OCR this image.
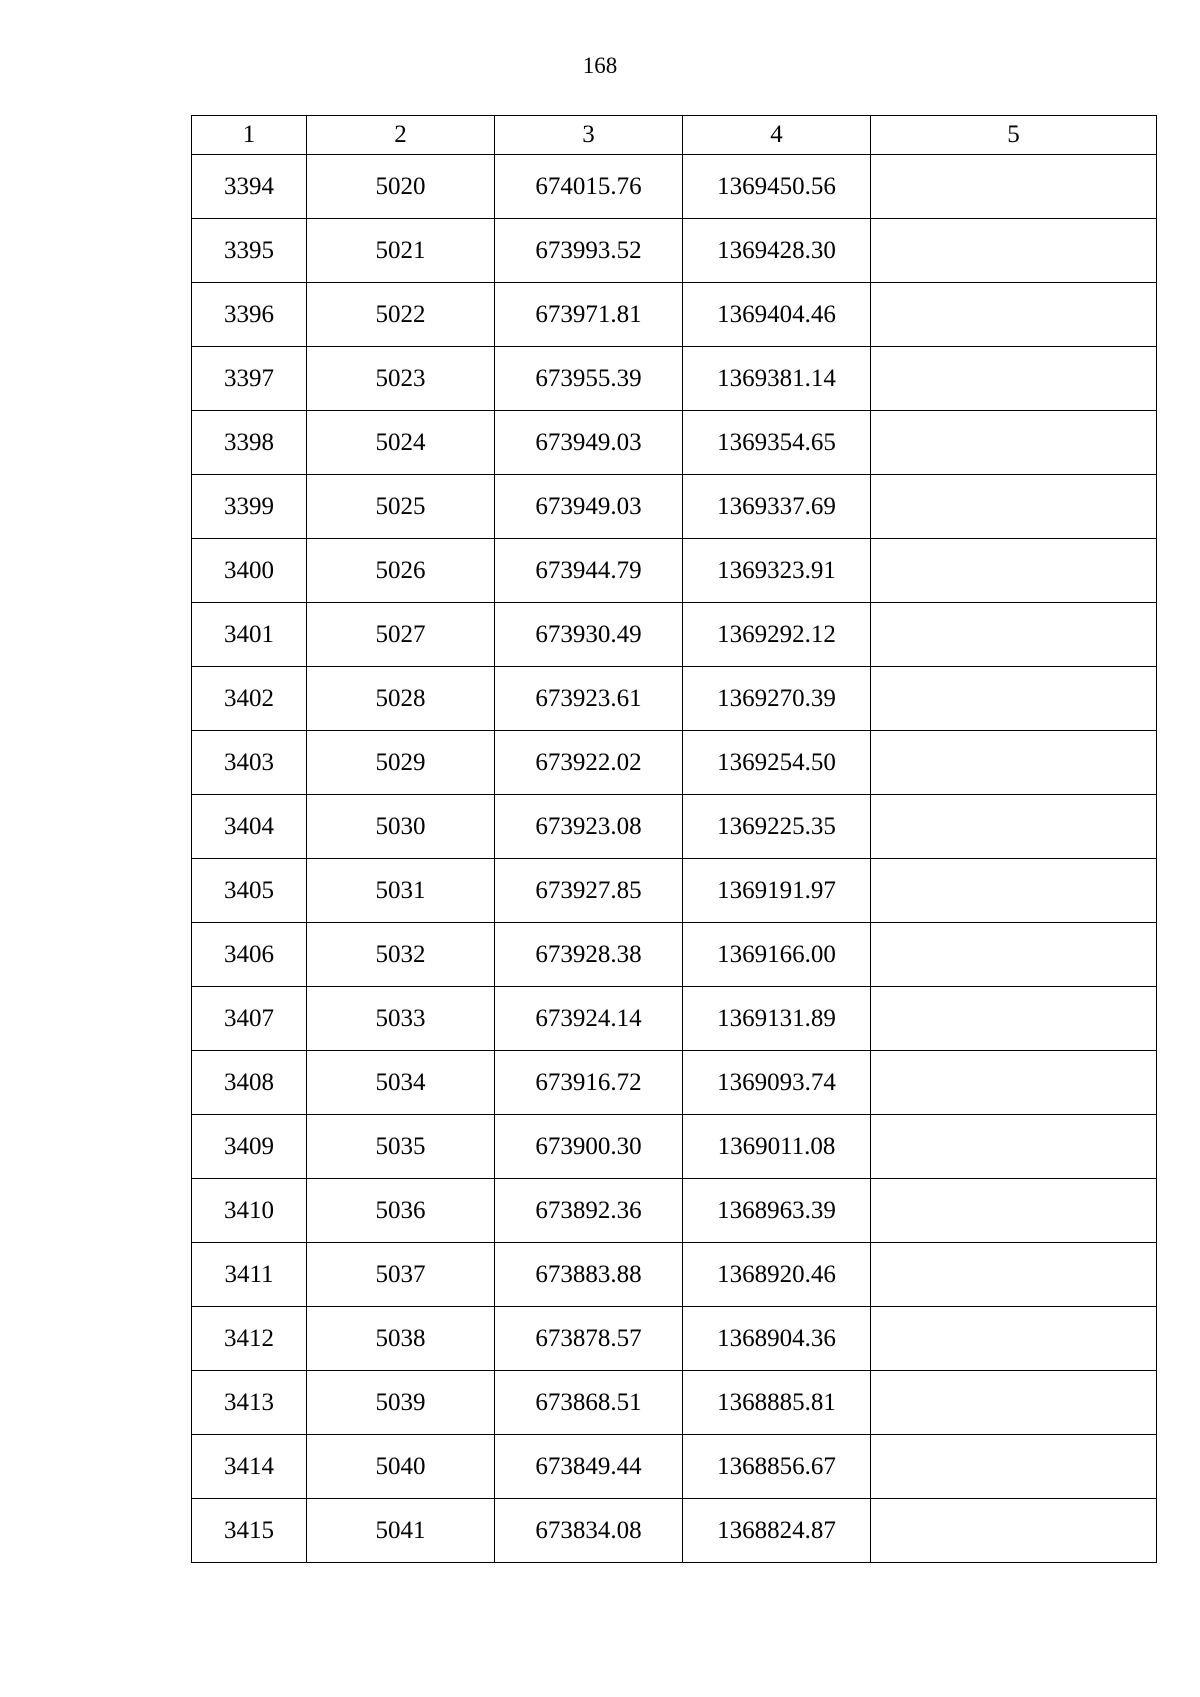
168
1	2	3	4	5
3394	5020	674015.76	1369450.56	
3395	5021	673993.52	1369428.30	
3396	5022	673971.81	1369404.46	
3397	5023	673955.39	1369381.14	
3398	5024	673949.03	1369354.65	
3399	5025	673949.03	1369337.69	
3400	5026	673944.79	1369323.91	
3401	5027	673930.49	1369292.12	
3402	5028	673923.61	1369270.39	
3403	5029	673922.02	1369254.50	
3404	5030	673923.08	1369225.35	
3405	5031	673927.85	1369191.97	
3406	5032	673928.38	1369166.00	
3407	5033	673924.14	1369131.89	
3408	5034	673916.72	1369093.74	
3409	5035	673900.30	1369011.08	
3410	5036	673892.36	1368963.39	
3411	5037	673883.88	1368920.46	
3412	5038	673878.57	1368904.36	
3413	5039	673868.51	1368885.81	
3414	5040	673849.44	1368856.67	
3415	5041	673834.08	1368824.87	
